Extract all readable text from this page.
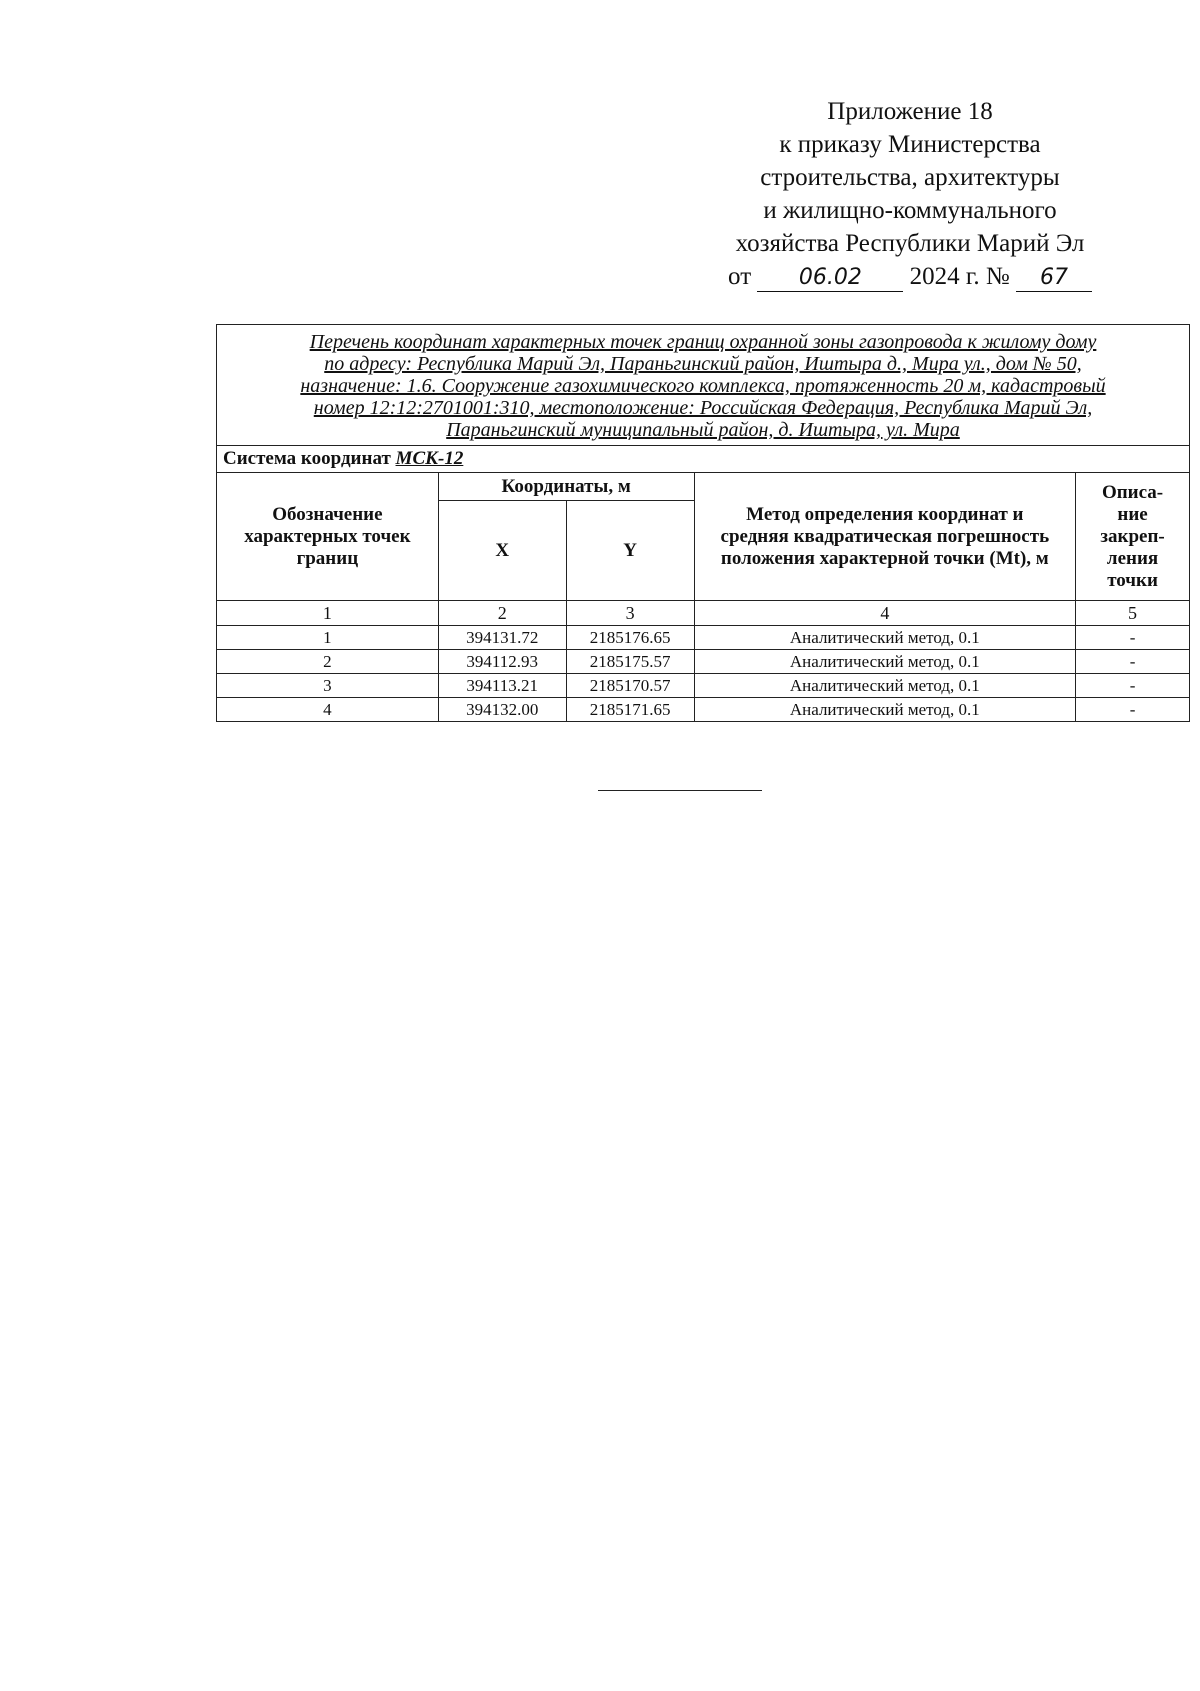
Приложение 18
к приказу Министерства
строительства, архитектуры
и жилищно-коммунального
хозяйства Республики Марий Эл
от 06.02 2024 г. № 67
Перечень координат характерных точек границ охранной зоны газопровода к жилому дому
по адресу: Республика Марий Эл, Параньгинский район, Иштыра д., Мира ул., дом № 50,
назначение: 1.6. Сооружение газохимического комплекса, протяженность 20 м, кадастровый
номер 12:12:2701001:310, местоположение: Российская Федерация, Республика Марий Эл,
Параньгинский муниципальный район, д. Иштыра, ул. Мира				

Система координат МСК-12				
Обозначение характерных точек границ	Координаты, м		Метод определения координат и средняя квадратическая погрешность положения характерной точки (Mt), м	Описа-
ние
закреп-
ления
точки

	X	Y		
1	2	3	4	5
1	394131.72	2185176.65	Аналитический метод, 0.1	-
2	394112.93	2185175.57	Аналитический метод, 0.1	-
3	394113.21	2185170.57	Аналитический метод, 0.1	-
4	394132.00	2185171.65	Аналитический метод, 0.1	-
